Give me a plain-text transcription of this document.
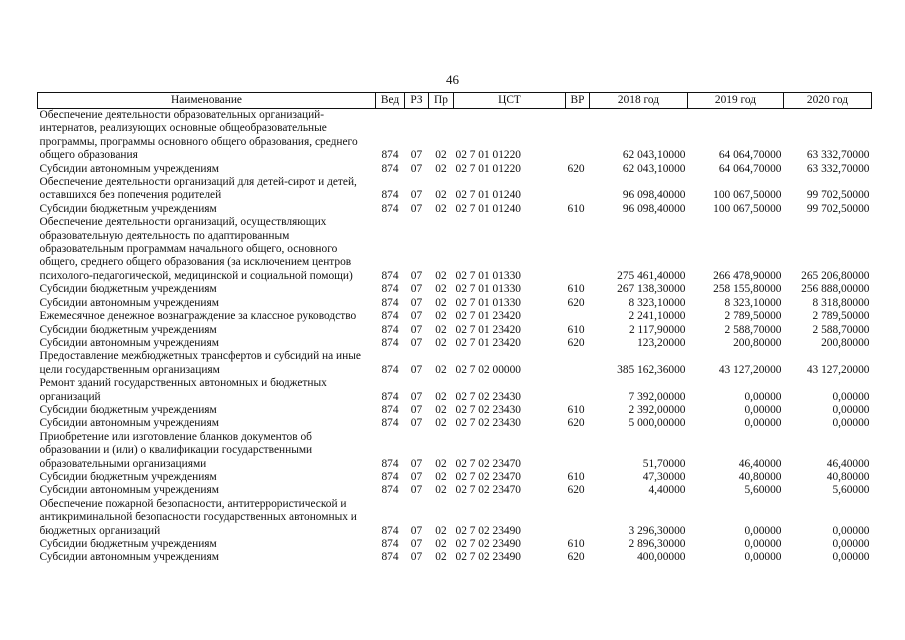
46
Наименование	Вед	РЗ	Пр	ЦСТ	ВР	2018 год	2019 год	2020 год
Обеспечение деятельности образовательных организаций-интернатов, реализующих основные общеобразовательные программы, программы основного общего образования, среднего общего образования	874	07	02	02 7 01 01220		62 043,10000	64 064,70000	63 332,70000
Субсидии автономным учреждениям	874	07	02	02 7 01 01220	620	62 043,10000	64 064,70000	63 332,70000
Обеспечение деятельности организаций для детей-сирот и детей, оставшихся без попечения родителей	874	07	02	02 7 01 01240		96 098,40000	100 067,50000	99 702,50000
Субсидии бюджетным учреждениям	874	07	02	02 7 01 01240	610	96 098,40000	100 067,50000	99 702,50000
Обеспечение деятельности организаций, осуществляющих образовательную деятельность по адаптированным образовательным программам начального общего, основного общего, среднего общего образования (за исключением центров психолого-педагогической, медицинской и социальной помощи)	874	07	02	02 7 01 01330		275 461,40000	266 478,90000	265 206,80000
Субсидии бюджетным учреждениям	874	07	02	02 7 01 01330	610	267 138,30000	258 155,80000	256 888,00000
Субсидии автономным учреждениям	874	07	02	02 7 01 01330	620	8 323,10000	8 323,10000	8 318,80000
Ежемесячное денежное вознаграждение за классное руководство	874	07	02	02 7 01 23420		2 241,10000	2 789,50000	2 789,50000
Субсидии бюджетным учреждениям	874	07	02	02 7 01 23420	610	2 117,90000	2 588,70000	2 588,70000
Субсидии автономным учреждениям	874	07	02	02 7 01 23420	620	123,20000	200,80000	200,80000
Предоставление межбюджетных трансфертов и субсидий на иные цели государственным организациям	874	07	02	02 7 02 00000		385 162,36000	43 127,20000	43 127,20000
Ремонт зданий государственных автономных и бюджетных организаций	874	07	02	02 7 02 23430		7 392,00000	0,00000	0,00000
Субсидии бюджетным учреждениям	874	07	02	02 7 02 23430	610	2 392,00000	0,00000	0,00000
Субсидии автономным учреждениям	874	07	02	02 7 02 23430	620	5 000,00000	0,00000	0,00000
Приобретение или изготовление бланков документов об образовании и (или) о квалификации государственными образовательными организациями	874	07	02	02 7 02 23470		51,70000	46,40000	46,40000
Субсидии бюджетным учреждениям	874	07	02	02 7 02 23470	610	47,30000	40,80000	40,80000
Субсидии автономным учреждениям	874	07	02	02 7 02 23470	620	4,40000	5,60000	5,60000
Обеспечение пожарной безопасности, антитеррористической и антикриминальной безопасности государственных автономных и бюджетных организаций	874	07	02	02 7 02 23490		3 296,30000	0,00000	0,00000
Субсидии бюджетным учреждениям	874	07	02	02 7 02 23490	610	2 896,30000	0,00000	0,00000
Субсидии автономным учреждениям	874	07	02	02 7 02 23490	620	400,00000	0,00000	0,00000
